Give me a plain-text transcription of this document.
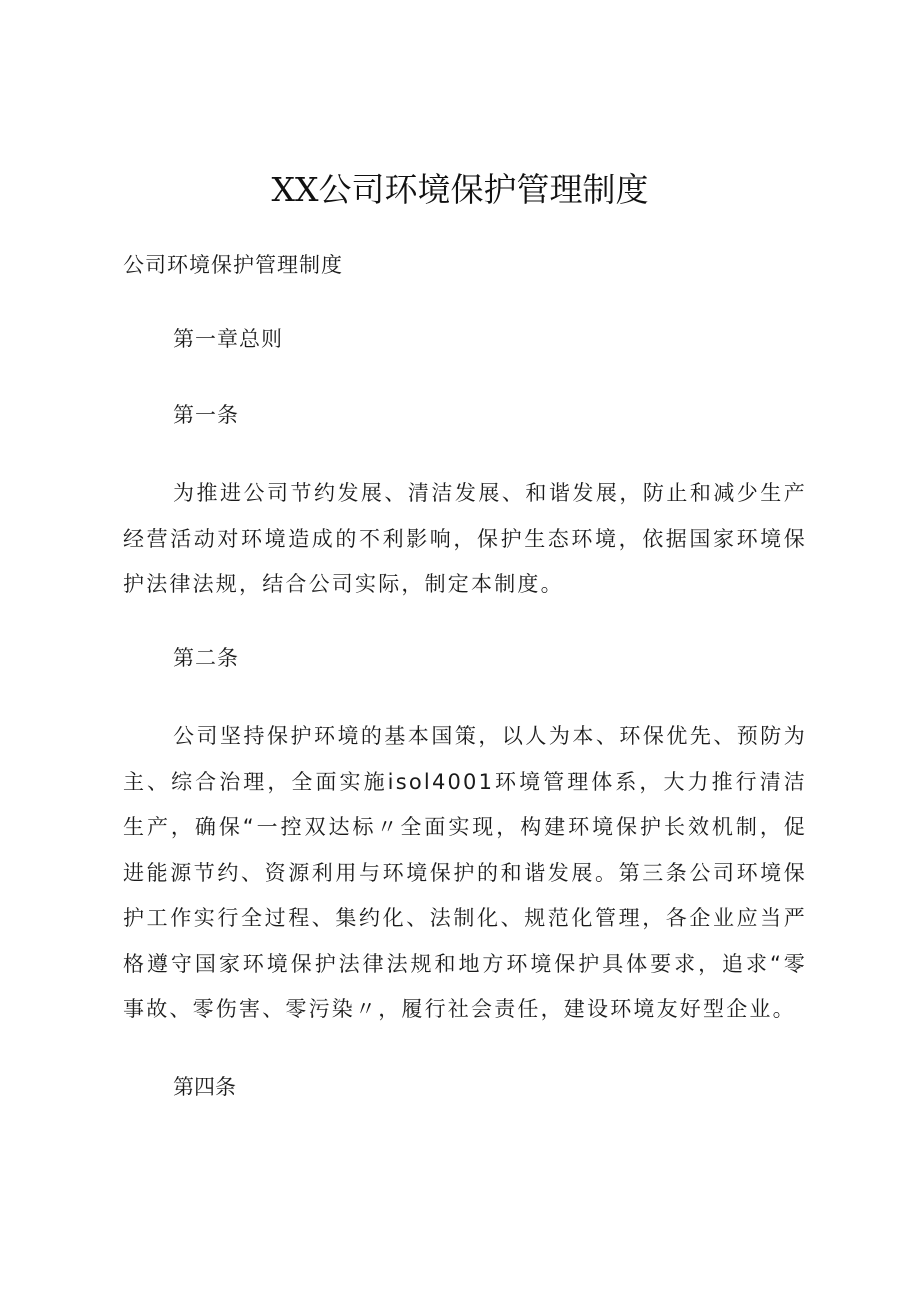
XX公司环境保护管理制度

公司环境保护管理制度

第一章总则

第一条

为推进公司节约发展、清洁发展、和谐发展，防止和减少生产经营活动对环境造成的不利影响，保护生态环境，依据国家环境保护法律法规，结合公司实际，制定本制度。

第二条

公司坚持保护环境的基本国策，以人为本、环保优先、预防为主、综合治理，全面实施isol4001环境管理体系，大力推行清洁生产，确保“一控双达标〃全面实现，构建环境保护长效机制，促进能源节约、资源利用与环境保护的和谐发展。第三条公司环境保护工作实行全过程、集约化、法制化、规范化管理，各企业应当严格遵守国家环境保护法律法规和地方环境保护具体要求，追求“零事故、零伤害、零污染〃，履行社会责任，建设环境友好型企业。

第四条
